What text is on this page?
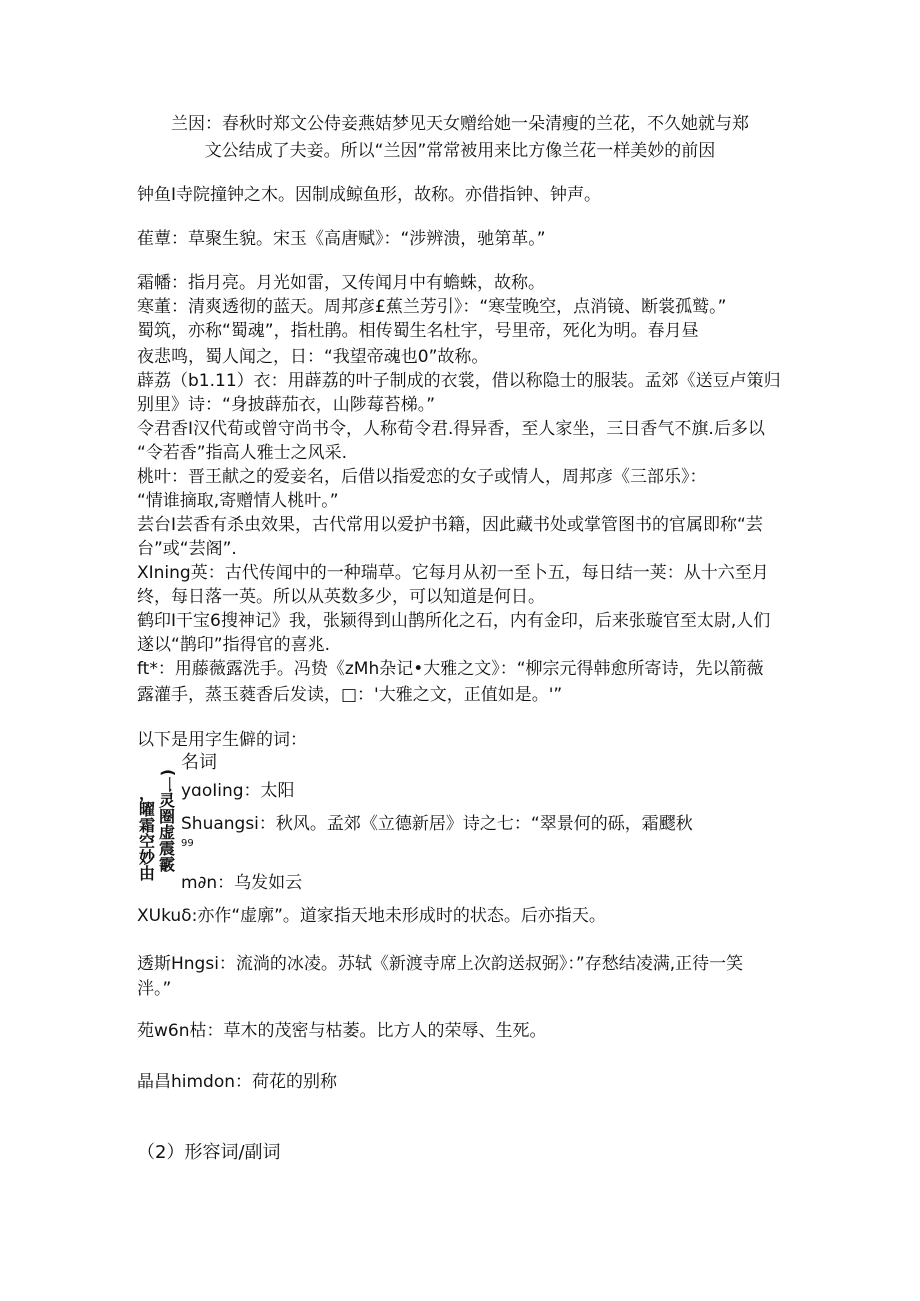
兰因：春秋时郑文公侍妾燕姞梦见天女赠给她一朵清瘦的兰花，不久她就与郑
文公结成了夫妾。所以“兰因”常常被用来比方像兰花一样美妙的前因
钟鱼I寺院撞钟之木。因制成鲸鱼形，故称。亦借指钟、钟声。
萑蕈：草聚生貌。宋玉《高唐赋》：“涉辨溃，驰第革。”
霜幡：指月亮。月光如雷，又传闻月中有蟾蛛，故称。
寒董：清爽透彻的蓝天。周邦彦£蕉兰芳引》：“寒莹晚空，点消镜、断裳孤鹫。”
蜀筑，亦称“蜀魂”，指杜鹃。相传蜀生名杜宇，号里帝，死化为明。春月昼
夜悲鸣，蜀人闻之，日：“我望帝魂也0”故称。
薜荔（b1.11）衣：用薜荔的叶子制成的衣裳，借以称隐士的服装。孟郊《送豆卢策归
别里》诗：“身披薜茄衣，山陟莓苔梯。”
令君香I汉代荀或曾守尚书令，人称荀令君.得异香，至人家坐，三日香气不旗.后多以
“令若香”指高人雅士之风采.
桃叶：晋王献之的爱妾名，后借以指爱恋的女子或情人，周邦彦《三部乐》：
“情谁摘取,寄赠情人桃叶。”
芸台I芸香有杀虫效果，古代常用以爱护书籍，因此藏书处或掌管图书的官属即称“芸
台”或“芸阁”.
XIning英：古代传闻中的一种瑞草。它每月从初一至卜五，每日结一荚：从十六至月
终，每日落一英。所以从英数多少，可以知道是何日。
鹤印I干宝6搜神记》我，张颍得到山鹊所化之石，内有金印，后来张璇官至太尉,人们
遂以“鹊印”指得官的喜兆.
ft*：用藤薇露洗手。冯贽《zMh杂记•大雅之文》：“柳宗元得韩愈所寄诗，先以箭薇
露灌手，蒸玉蕤香后发读，□：'大雅之文，正值如是。'”
以下是用字生僻的词：
(一
，曜霜空妙由
灵圈虚震霰
名词
yɑoIing：太阳
Shuangsi：秋风。孟郊《立德新居》诗之七：“翠景何的砾，霜飂秋
99
m∂n：乌发如云
XUkuδ:亦作“虚廓”。道家指天地未形成时的状态。后亦指天。
透斯Hngsi：流淌的冰凌。苏轼《新渡寺席上次韵送叔弼》：”存愁结凌满,正待一笑
泮。”
苑w6n枯：草木的茂密与枯萎。比方人的荣辱、生死。
晶昌himdon：荷花的别称
（2）形容词/副词
